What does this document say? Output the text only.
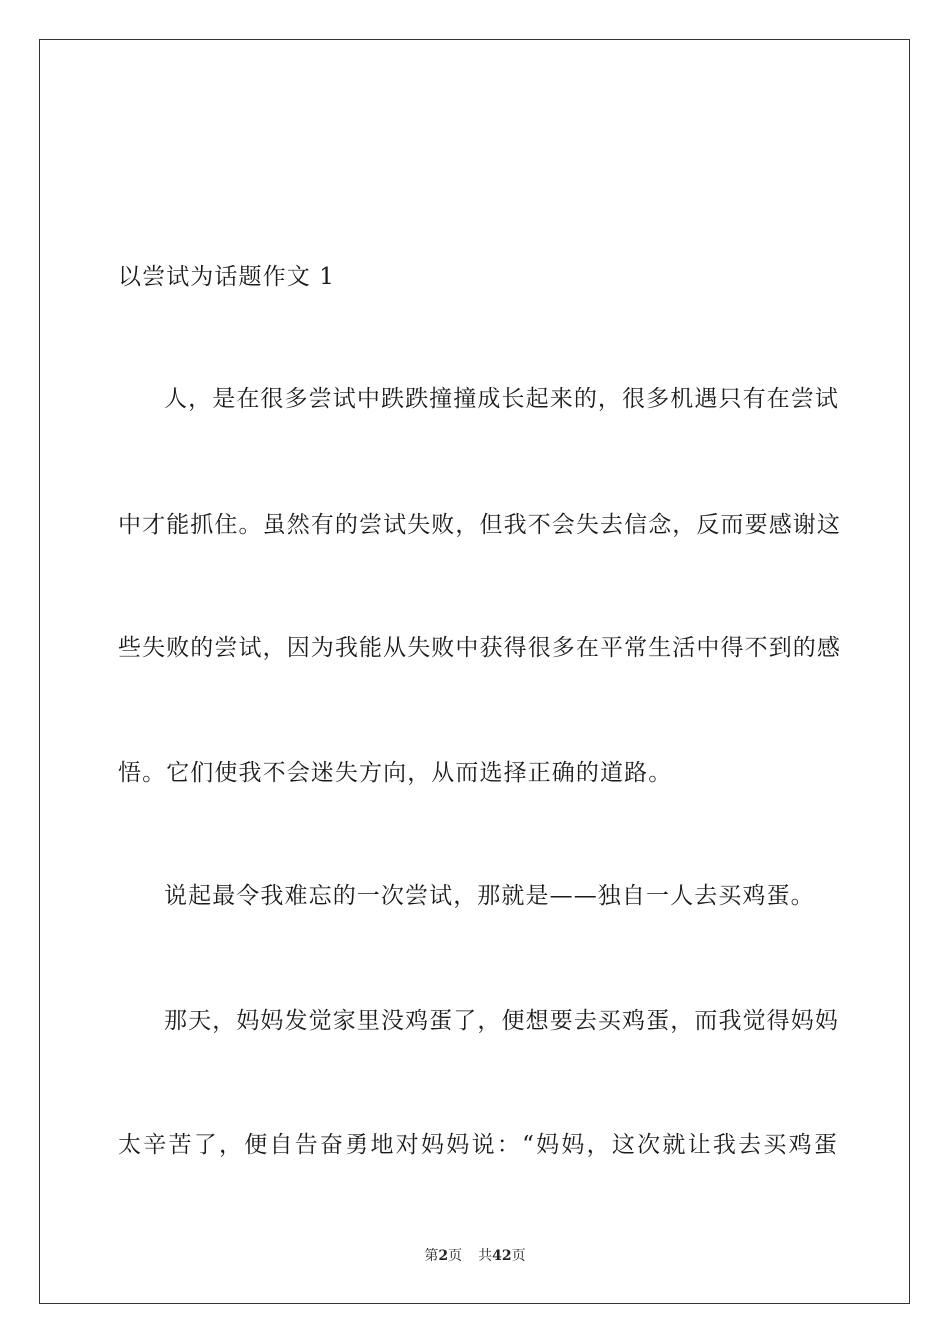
以尝试为话题作文 1
人，是在很多尝试中跌跌撞撞成长起来的，很多机遇只有在尝试
中才能抓住。虽然有的尝试失败，但我不会失去信念，反而要感谢这
些失败的尝试，因为我能从失败中获得很多在平常生活中得不到的感
悟。它们使我不会迷失方向，从而选择正确的道路。
说起最令我难忘的一次尝试，那就是——独自一人去买鸡蛋。
那天，妈妈发觉家里没鸡蛋了，便想要去买鸡蛋，而我觉得妈妈
太辛苦了，便自告奋勇地对妈妈说：“妈妈，这次就让我去买鸡蛋
第2页 共42页
